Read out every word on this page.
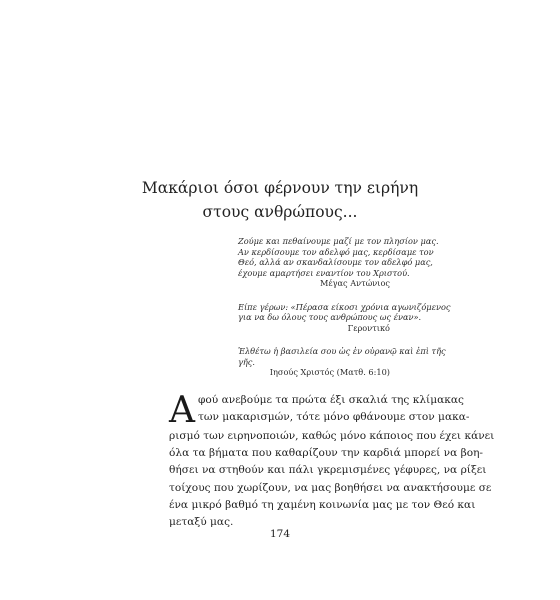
Μακάριοι όσοι φέρνουν την ειρήνη
στους ανθρώπους...
Ζούμε και πεθαίνουμε μαζί με τον πλησίον μας.
Αν κερδίσουμε τον αδελφό μας, κερδίσαμε τον
Θεό, αλλά αν σκανδαλίσουμε τον αδελφό μας,
έχουμε αμαρτήσει εναντίον του Χριστού.
Μέγας Αντώνιος
Είπε γέρων: «Πέρασα είκοσι χρόνια αγωνιζόμενος
για να δω όλους τους ανθρώπους ως έναν».
Γεροντικό
Ἐλθέτω ἡ βασιλεία σου ὡς ἐν οὐρανῷ καὶ ἐπὶ τῆς
γῆς.
Ιησούς Χριστός (Ματθ. 6:10)
Α φού ανεβούμε τα πρώτα έξι σκαλιά της κλίμακας
των μακαρισμών, τότε μόνο φθάνουμε στον μακα-
ρισμό των ειρηνοποιών, καθώς μόνο κάποιος που έχει κάνει
όλα τα βήματα που καθαρίζουν την καρδιά μπορεί να βοη-
θήσει να στηθούν και πάλι γκρεμισμένες γέφυρες, να ρίξει
τοίχους που χωρίζουν, να μας βοηθήσει να ανακτήσουμε σε
ένα μικρό βαθμό τη χαμένη κοινωνία μας με τον Θεό και
μεταξύ μας.
174
